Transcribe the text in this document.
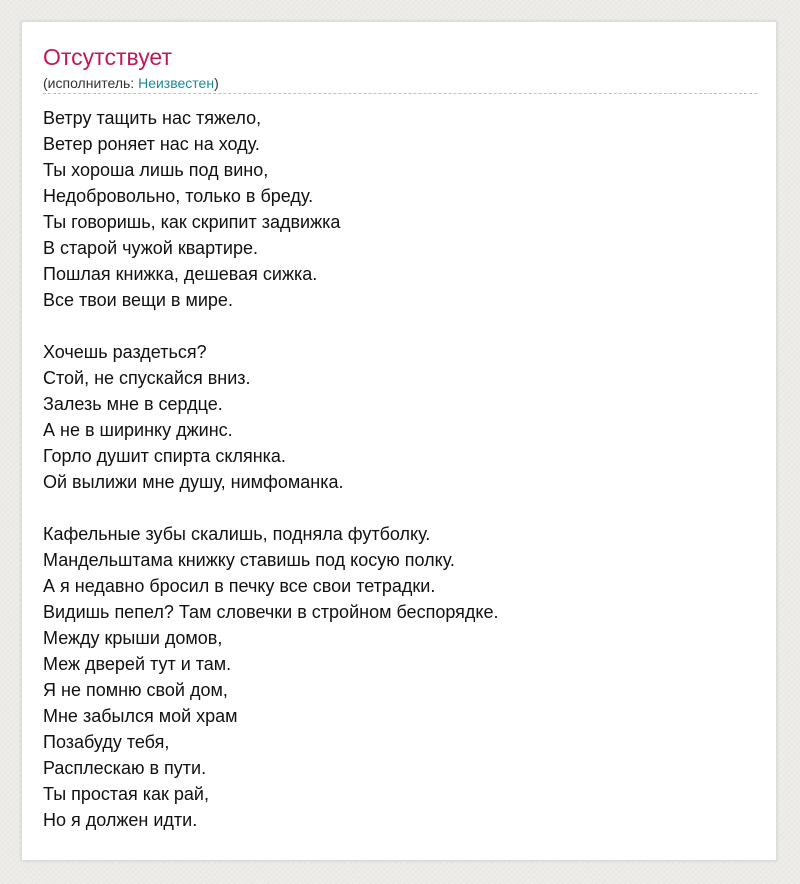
Отсутствует
(исполнитель: Неизвестен)
Ветру тащить нас тяжело,
Ветер роняет нас на ходу.
Ты хороша лишь под вино,
Недобровольно, только в бреду.
Ты говоришь, как скрипит задвижка
В старой чужой квартире.
Пошлая книжка, дешевая сижка.
Все твои вещи в мире.
Хочешь раздеться?
Стой, не спускайся вниз.
Залезь мне в сердце.
А не в ширинку джинс.
Горло душит спирта склянка.
Ой вылижи мне душу, нимфоманка.
Кафельные зубы скалишь, подняла футболку.
Мандельштама книжку ставишь под косую полку.
А я недавно бросил в печку все свои тетрадки.
Видишь пепел? Там словечки в стройном беспорядке.
Между крыши домов,
Меж дверей тут и там.
Я не помню свой дом,
Мне забылся мой храм
Позабуду тебя,
Расплескаю в пути.
Ты простая как рай,
Но я должен идти.
